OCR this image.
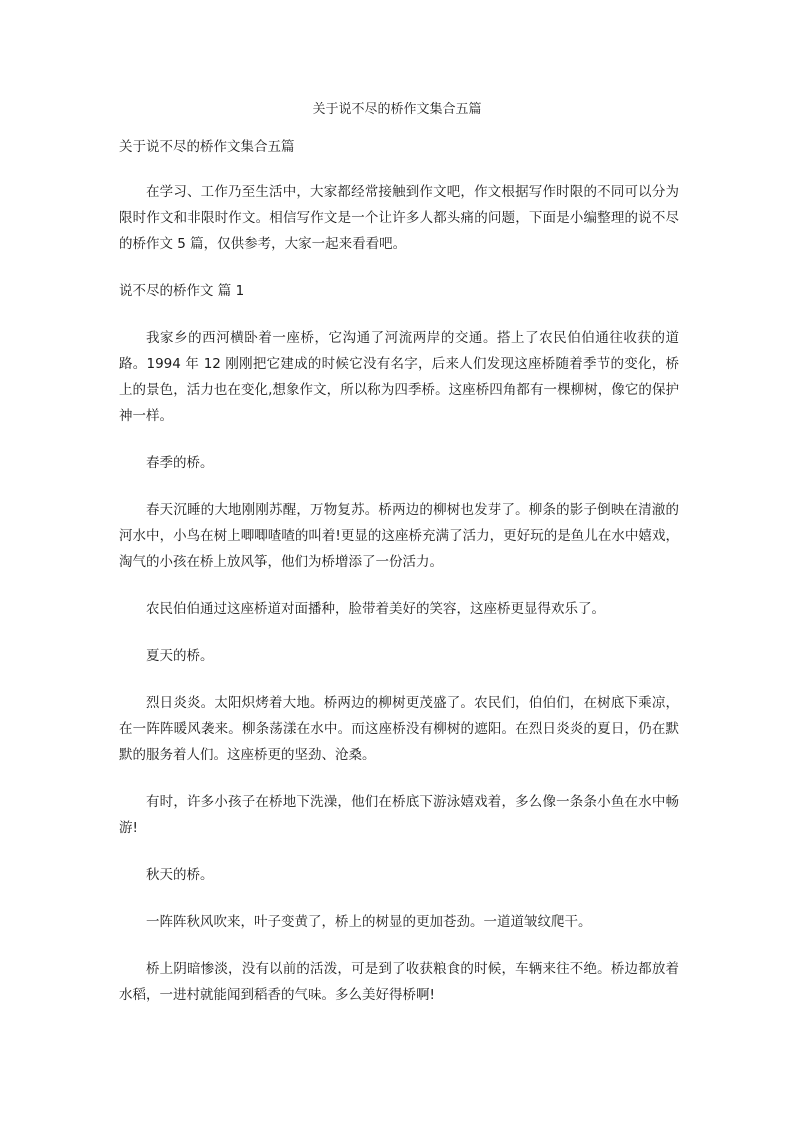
关于说不尽的桥作文集合五篇

关于说不尽的桥作文集合五篇

在学习、工作乃至生活中，大家都经常接触到作文吧，作文根据写作时限的不同可以分为限时作文和非限时作文。相信写作文是一个让许多人都头痛的问题，下面是小编整理的说不尽的桥作文 5 篇，仅供参考，大家一起来看看吧。

说不尽的桥作文 篇 1

我家乡的西河横卧着一座桥，它沟通了河流两岸的交通。搭上了农民伯伯通往收获的道路。1994 年 12 刚刚把它建成的时候它没有名字，后来人们发现这座桥随着季节的变化，桥上的景色，活力也在变化,想象作文，所以称为四季桥。这座桥四角都有一棵柳树，像它的保护神一样。

春季的桥。

春天沉睡的大地刚刚苏醒，万物复苏。桥两边的柳树也发芽了。柳条的影子倒映在清澈的河水中，小鸟在树上唧唧喳喳的叫着!更显的这座桥充满了活力，更好玩的是鱼儿在水中嬉戏，淘气的小孩在桥上放风筝，他们为桥增添了一份活力。

农民伯伯通过这座桥道对面播种，脸带着美好的笑容，这座桥更显得欢乐了。

夏天的桥。

烈日炎炎。太阳炽烤着大地。桥两边的柳树更茂盛了。农民们，伯伯们，在树底下乘凉，在一阵阵暖风袭来。柳条荡漾在水中。而这座桥没有柳树的遮阳。在烈日炎炎的夏日，仍在默默的服务着人们。这座桥更的坚劲、沧桑。

有时，许多小孩子在桥地下洗澡，他们在桥底下游泳嬉戏着，多么像一条条小鱼在水中畅游!

秋天的桥。

一阵阵秋风吹来，叶子变黄了，桥上的树显的更加苍劲。一道道皱纹爬干。

桥上阴暗惨淡，没有以前的活泼，可是到了收获粮食的时候，车辆来往不绝。桥边都放着水稻，一进村就能闻到稻香的气味。多么美好得桥啊!
